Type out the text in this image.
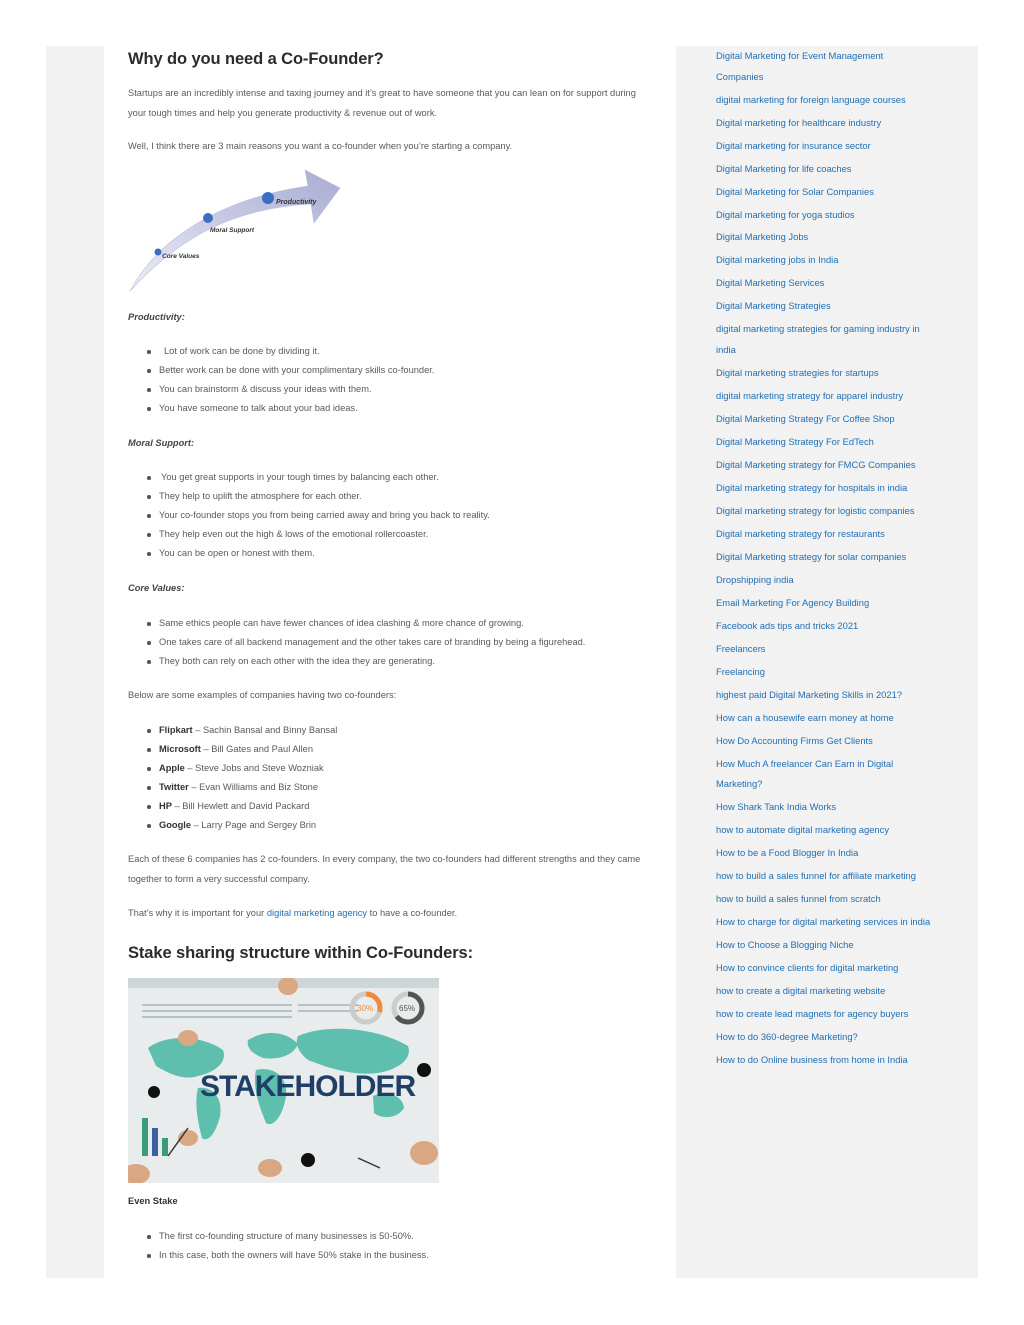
Why do you need a Co-Founder?

Startups are an incredibly intense and taxing journey and it’s great to have someone that you can lean on for support during your tough times and help you generate productivity & revenue out of work.

Well, I think there are 3 main reasons you want a co-founder when you’re starting a company.

Productivity
Moral Support
Core Values

Productivity:

Lot of work can be done by dividing it.
Better work can be done with your complimentary skills co-founder.
You can brainstorm & discuss your ideas with them.
You have someone to talk about your bad ideas.

Moral Support:

You get great supports in your tough times by balancing each other.
They help to uplift the atmosphere for each other.
Your co-founder stops you from being carried away and bring you back to reality.
They help even out the high & lows of the emotional rollercoaster.
You can be open or honest with them.

Core Values:

Same ethics people can have fewer chances of idea clashing & more chance of growing.
One takes care of all backend management and the other takes care of branding by being a figurehead.
They both can rely on each other with the idea they are generating.

Below are some examples of companies having two co-founders:

Flipkart – Sachin Bansal and Binny Bansal
Microsoft – Bill Gates and Paul Allen
Apple – Steve Jobs and Steve Wozniak
Twitter – Evan Williams and Biz Stone
HP – Bill Hewlett and David Packard
Google – Larry Page and Sergey Brin

Each of these 6 companies has 2 co-founders. In every company, the two co-founders had different strengths and they came together to form a very successful company.

That’s why it is important for your digital marketing agency to have a co-founder.

Stake sharing structure within Co-Founders:
STAKEHOLDER
30%	65%

Even Stake

The first co-founding structure of many businesses is 50-50%.
In this case, both the owners will have 50% stake in the business.
Digital Marketing for Event Management Companies
digital marketing for foreign language courses
Digital marketing for healthcare industry
Digital marketing for insurance sector
Digital Marketing for life coaches
Digital Marketing for Solar Companies
Digital marketing for yoga studios
Digital Marketing Jobs
Digital marketing jobs in India
Digital Marketing Services
Digital Marketing Strategies
digital marketing strategies for gaming industry in india
Digital marketing strategies for startups
digital marketing strategy for apparel industry
Digital Marketing Strategy For Coffee Shop
Digital Marketing Strategy For EdTech
Digital Marketing strategy for FMCG Companies
Digital marketing strategy for hospitals in india
Digital marketing strategy for logistic companies
Digital marketing strategy for restaurants
Digital Marketing strategy for solar companies
Dropshipping india
Email Marketing For Agency Building
Facebook ads tips and tricks 2021
Freelancers
Freelancing
highest paid Digital Marketing Skills in 2021?
How can a housewife earn money at home
How Do Accounting Firms Get Clients
How Much A freelancer Can Earn in Digital Marketing?
How Shark Tank India Works
how to automate digital marketing agency
How to be a Food Blogger In India
how to build a sales funnel for affiliate marketing
how to build a sales funnel from scratch
How to charge for digital marketing services in india
How to Choose a Blogging Niche
How to convince clients for digital marketing
how to create a digital marketing website
how to create lead magnets for agency buyers
How to do 360-degree Marketing?
How to do Online business from home in India
